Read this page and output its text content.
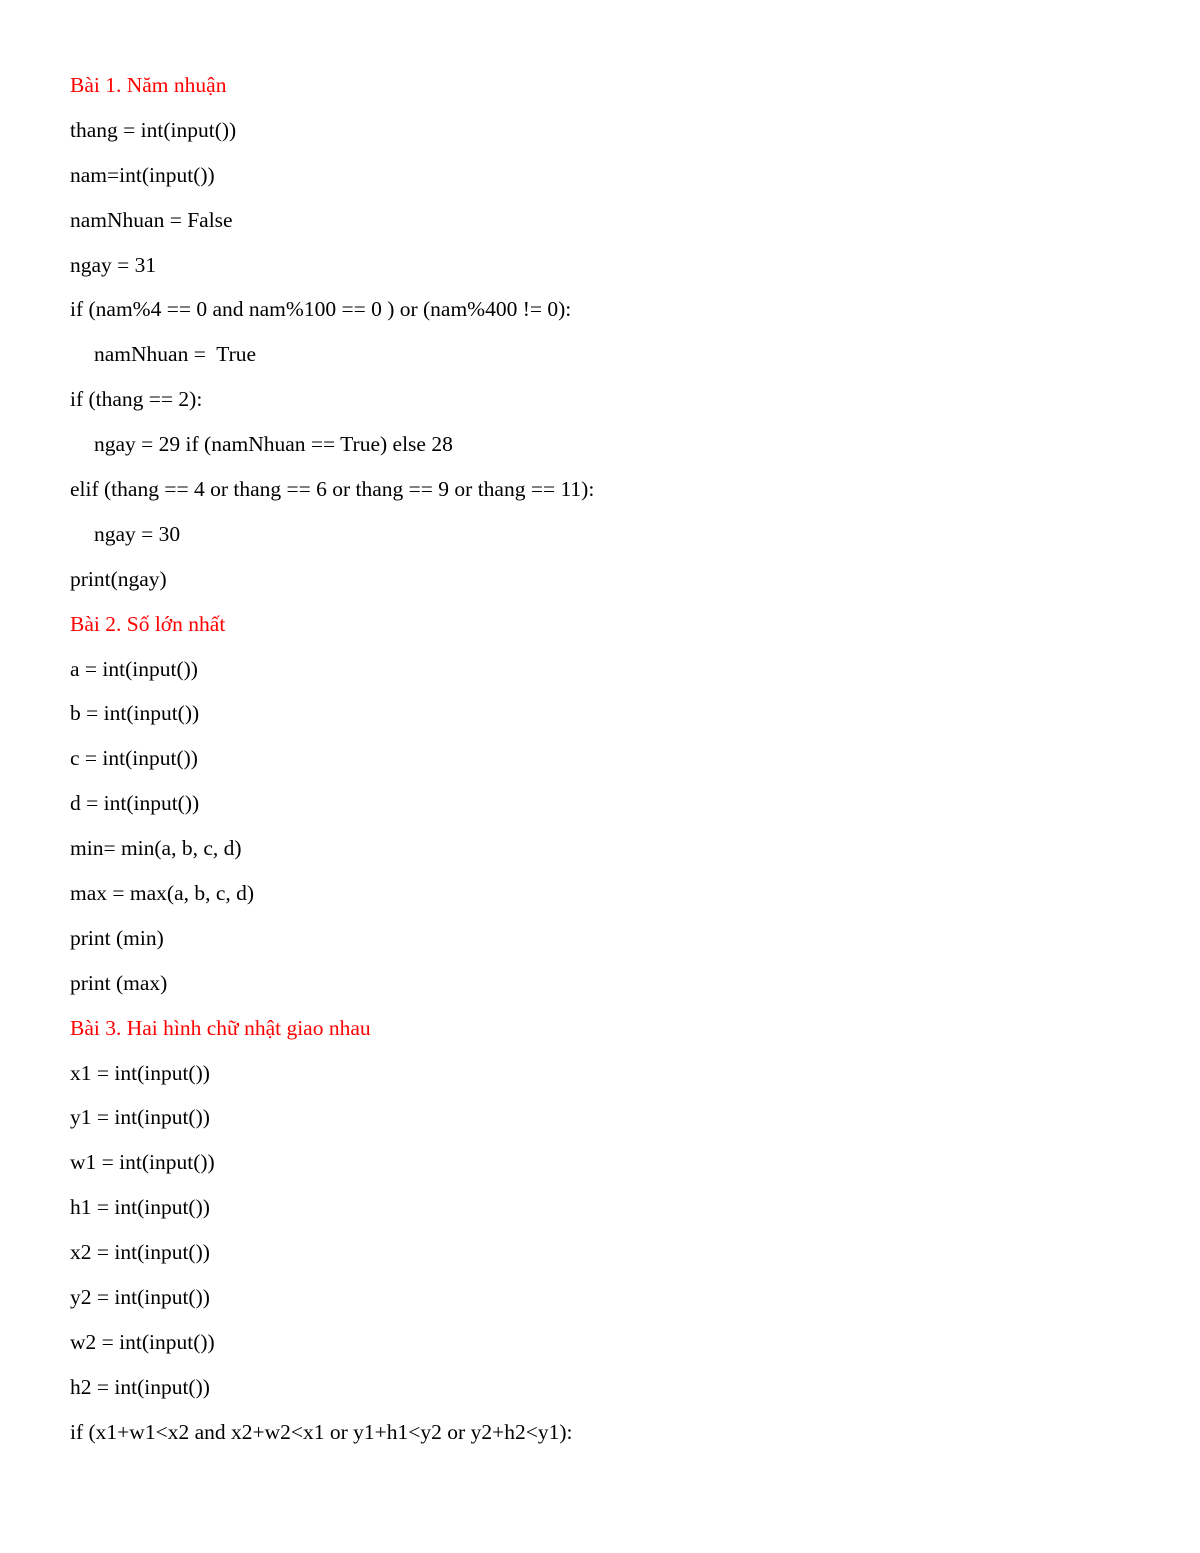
Bài 1. Năm nhuận

thang = int(input())

nam=int(input())

namNhuan = False

ngay = 31

if (nam%4 == 0 and nam%100 == 0 ) or (nam%400 != 0):

namNhuan =  True

if (thang == 2):

ngay = 29 if (namNhuan == True) else 28

elif (thang == 4 or thang == 6 or thang == 9 or thang == 11):

ngay = 30

print(ngay)

Bài 2. Số lớn nhất

a = int(input())

b = int(input())

c = int(input())

d = int(input())

min= min(a, b, c, d)

max = max(a, b, c, d)

print (min)

print (max)

Bài 3. Hai hình chữ nhật giao nhau

x1 = int(input())

y1 = int(input())

w1 = int(input())

h1 = int(input())

x2 = int(input())

y2 = int(input())

w2 = int(input())

h2 = int(input())

if (x1+w1<x2 and x2+w2<x1 or y1+h1<y2 or y2+h2<y1):
